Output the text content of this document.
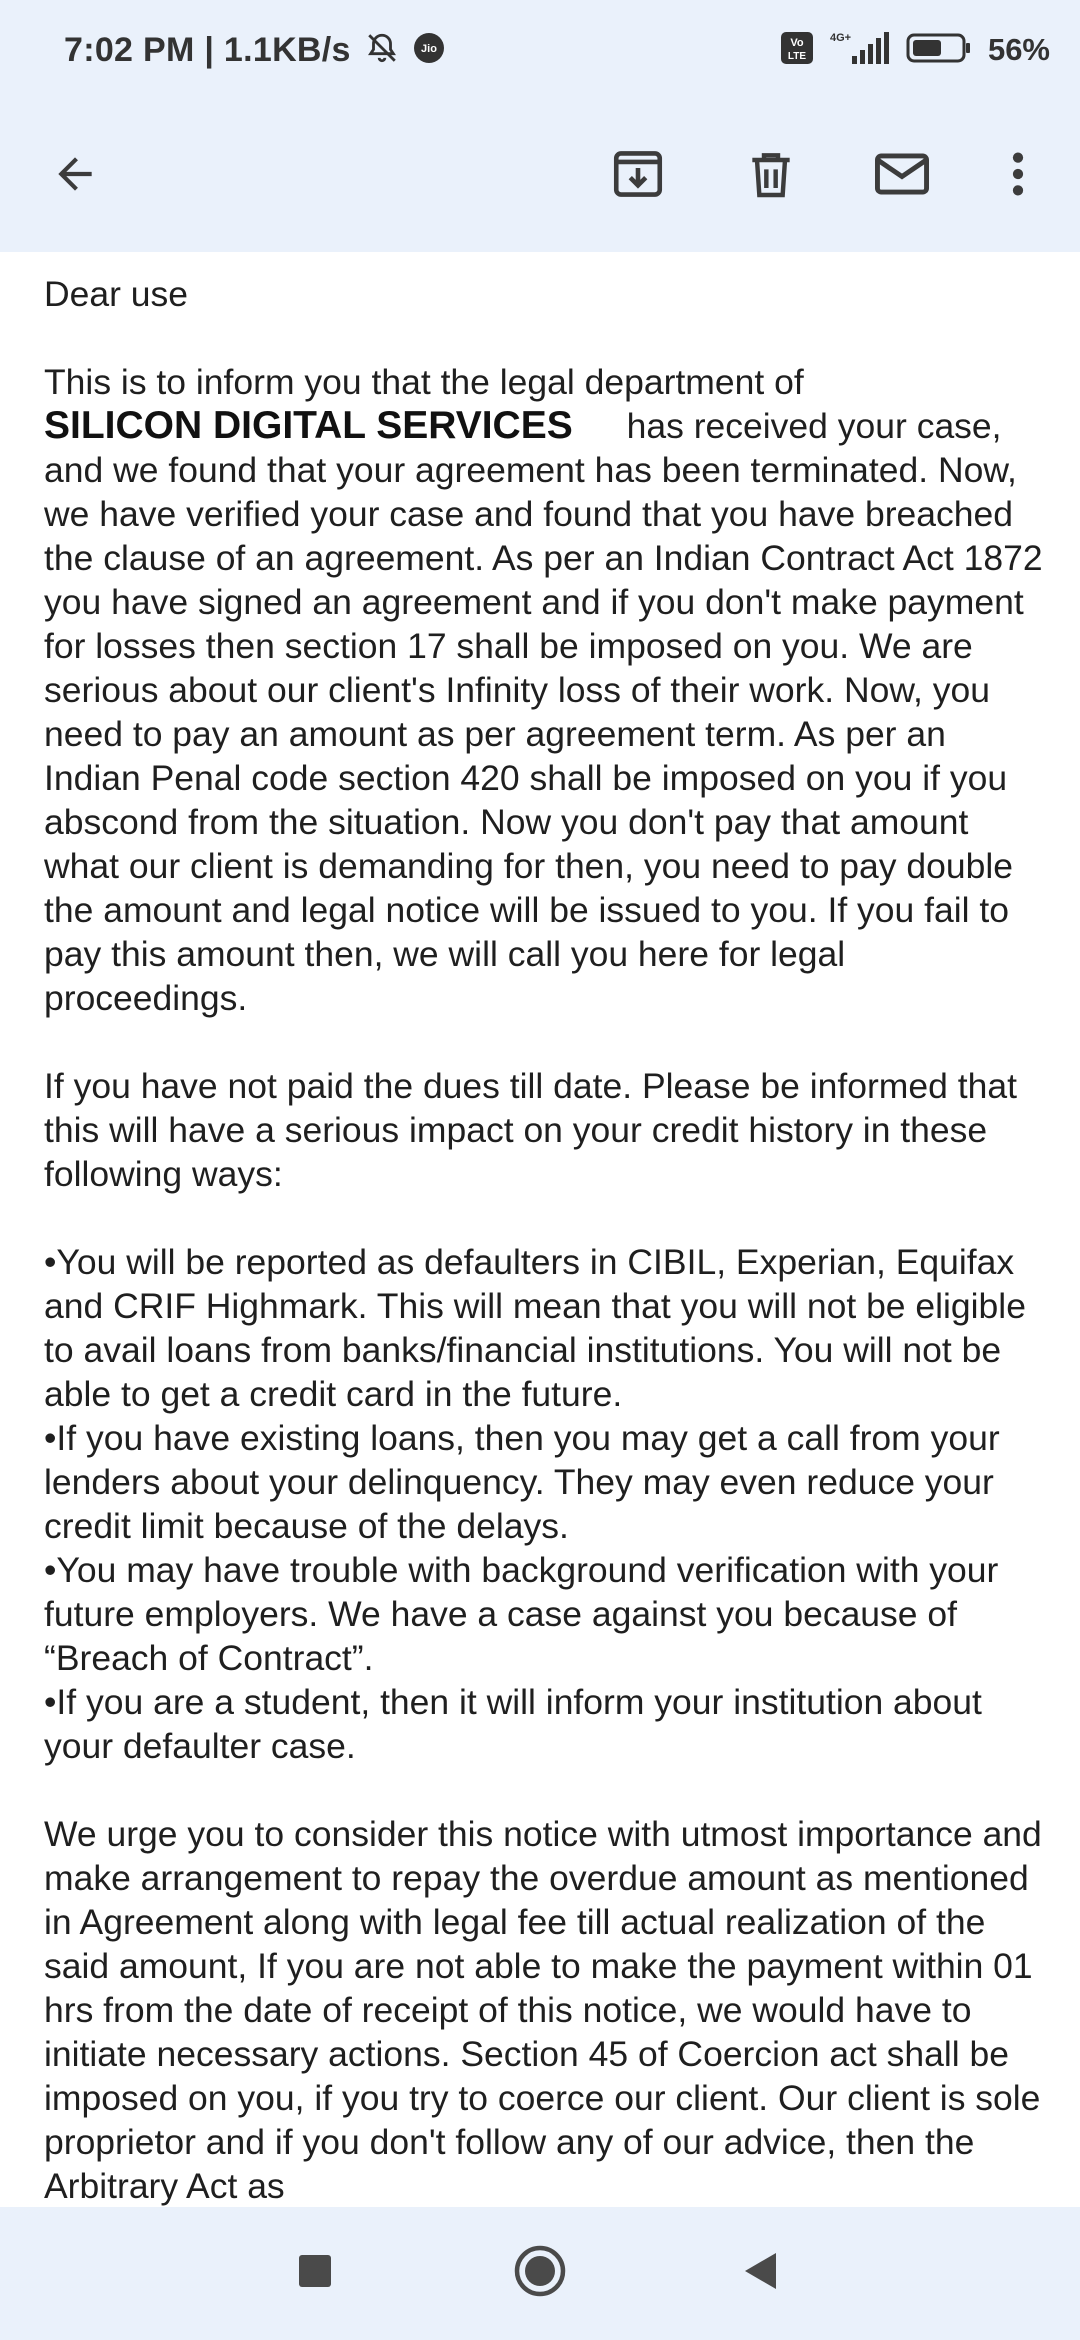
7:02 PM | 1.1KB/s	Jio	Vo
LTE
4G+	56%

Dear use

This is to inform you that the legal department of
SILICON DIGITAL SERVICES has received your case, and we found that your agreement has been terminated. Now, we have verified your case and found that you have breached the clause of an agreement. As per an Indian Contract Act 1872 you have signed an agreement and if you don't make payment for losses then section 17 shall be imposed on you. We are serious about our client's Infinity loss of their work. Now, you need to pay an amount as per agreement term. As per an Indian Penal code section 420 shall be imposed on you if you abscond from the situation. Now you don't pay that amount what our client is demanding for then, you need to pay double the amount and legal notice will be issued to you. If you fail to pay this amount then, we will call you here for legal proceedings.

If you have not paid the dues till date. Please be informed that this will have a serious impact on your credit history in these following ways:

•You will be reported as defaulters in CIBIL, Experian, Equifax and CRIF Highmark. This will mean that you will not be eligible to avail loans from banks/financial institutions. You will not be able to get a credit card in the future.

•If you have existing loans, then you may get a call from your lenders about your delinquency. They may even reduce your credit limit because of the delays.

•You may have trouble with background verification with your future employers. We have a case against you because of “Breach of Contract”.

•If you are a student, then it will inform your institution about your defaulter case.

We urge you to consider this notice with utmost importance and make arrangement to repay the overdue amount as mentioned in Agreement along with legal fee till actual realization of the said amount, If you are not able to make the payment within 01 hrs from the date of receipt of this notice, we would have to initiate necessary actions. Section 45 of Coercion act shall be imposed on you, if you try to coerce our client. Our client is sole proprietor and if you don't follow any of our advice, then the Arbitrary Act as
